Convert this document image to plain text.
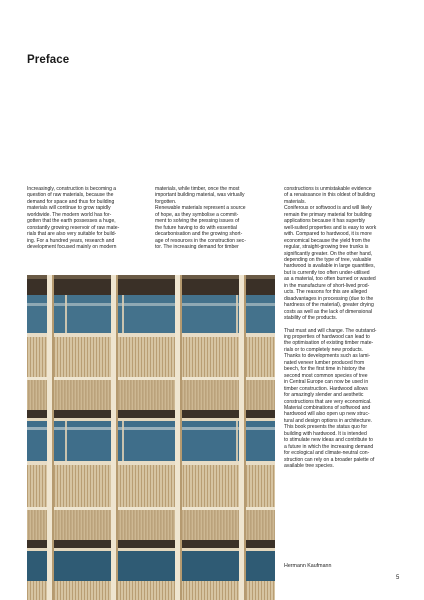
Preface
Increasingly, construction is becoming a
question of raw materials, because the
demand for space and thus for building
materials will continue to grow rapidly
worldwide. The modern world has for-
gotten that the earth possesses a huge,
constantly growing reservoir of raw mate-
rials that are also very suitable for build-
ing. For a hundred years, research and
development focused mainly on modern
materials, while timber, once the most
important building material, was virtually
forgotten.
Renewable materials represent a source
of hope, as they symbolise a commit-
ment to solving the pressing issues of
the future having to do with essential
decarbonisation and the growing short-
age of resources in the construction sec-
tor. The increasing demand for timber
constructions is unmistakable evidence
of a renaissance in this oldest of building
materials.
Coniferous or softwood is and will likely
remain the primary material for building
applications because it has superbly
well-suited properties and is easy to work
with. Compared to hardwood, it is more
economical because the yield from the
regular, straight-growing tree trunks is
significantly greater. On the other hand,
depending on the type of tree, valuable
hardwood is available in large quantities,
but is currently too often under-utilised
as a material, too often burned or wasted
in the manufacture of short-lived prod-
ucts. The reasons for this are alleged
disadvantages in processing (due to the
hardness of the material), greater drying
costs as well as the lack of dimensional
stability of the products.
That must and will change. The outstand-
ing properties of hardwood can lead to
the optimisation of existing timber mate-
rials or to completely new products.
Thanks to developments such as lami-
nated veneer lumber produced from
beech, for the first time in history the
second most common species of tree
in Central Europe can now be used in
timber construction. Hardwood allows
for amazingly slender and aesthetic
constructions that are very economical.
Material combinations of softwood and
hardwood will also open up new struc-
tural and design options in architecture.
This book presents the status quo for
building with hardwood. It is intended
to stimulate new ideas and contribute to
a future in which the increasing demand
for ecological and climate-neutral con-
struction can rely on a broader palette of
available tree species.
Hermann Kaufmann
5
